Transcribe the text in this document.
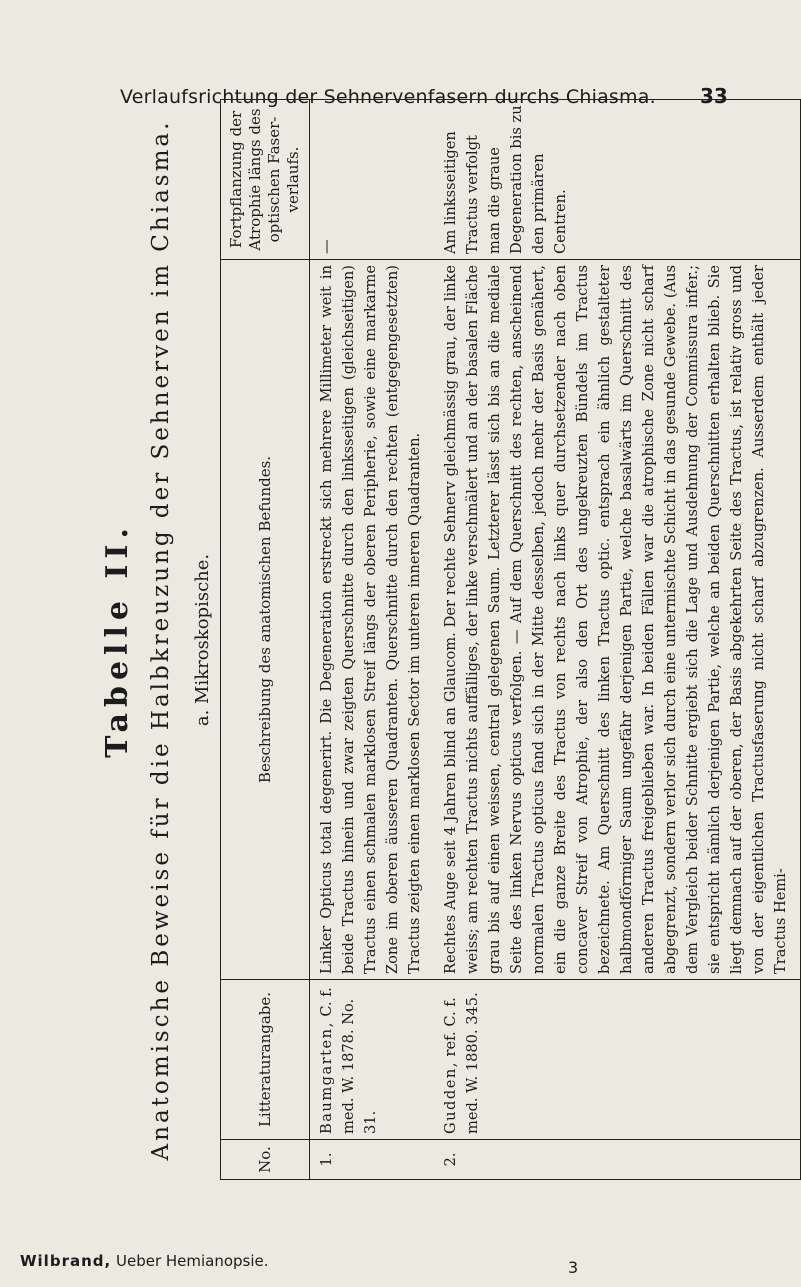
Verlaufsrichtung der Sehnervenfasern durchs Chiasma. 33
Tabelle II. Anatomische Beweise für die Halbkreuzung der Sehnerven im Chiasma. a. Mikroskopische.
No.	Litteraturangabe.	Beschreibung des anatomischen Befundes.	Fortpflanzung der Atrophie längs des optischen Faser-verlaufs.
1.	Baumgarten, C. f. med. W. 1878. No. 31.	Linker Opticus total degenerirt. Die Degeneration erstreckt sich mehrere Millimeter weit in beide Tractus hinein und zwar zeigten Querschnitte durch den linksseitigen (gleichseitigen) Tractus einen schmalen marklosen Streif längs der oberen Peripherie, sowie eine markarme Zone im oberen äusseren Quadranten. Querschnitte durch den rechten (entgegengesetzten) Tractus zeigten einen marklosen Sector im unteren inneren Quadranten.	—
2.	Gudden, ref. C. f. med. W. 1880. 345.	Rechtes Auge seit 4 Jahren blind an Glaucom. Der rechte Sehnerv gleichmässig grau, der linke weiss; am rechten Tractus nichts auffälliges, der linke verschmälert und an der basalen Fläche grau bis auf einen weissen, central gelegenen Saum. Letzterer lässt sich bis an die mediale Seite des linken Nervus opticus verfolgen. — Auf dem Querschnitt des rechten, anscheinend normalen Tractus opticus fand sich in der Mitte desselben, jedoch mehr der Basis genähert, ein die ganze Breite des Tractus von rechts nach links quer durchsetzender nach oben concaver Streif von Atrophie, der also den Ort des ungekreuzten Bündels im Tractus bezeichnete. Am Querschnitt des linken Tractus optic. entsprach ein ähnlich gestalteter halbmondförmiger Saum ungefähr derjenigen Partie, welche basalwärts im Querschnitt des anderen Tractus freigeblieben war. In beiden Fällen war die atrophische Zone nicht scharf abgegrenzt, sondern verlor sich durch eine untermischte Schicht in das gesunde Gewebe. (Aus dem Vergleich beider Schnitte ergiebt sich die Lage und Ausdehnung der Commissura infer.; sie entspricht nämlich derjenigen Partie, welche an beiden Querschnitten erhalten blieb. Sie liegt demnach auf der oberen, der Basis abgekehrten Seite des Tractus, ist relativ gross und von der eigentlichen Tractusfaserung nicht scharf abzugrenzen. Ausserdem enthält jeder Tractus Hemi-	Am linksseitigen Tractus verfolgt man die graue Degeneration bis zu den primären Centren.
Wilbrand, Ueber Hemianopsie.	3
